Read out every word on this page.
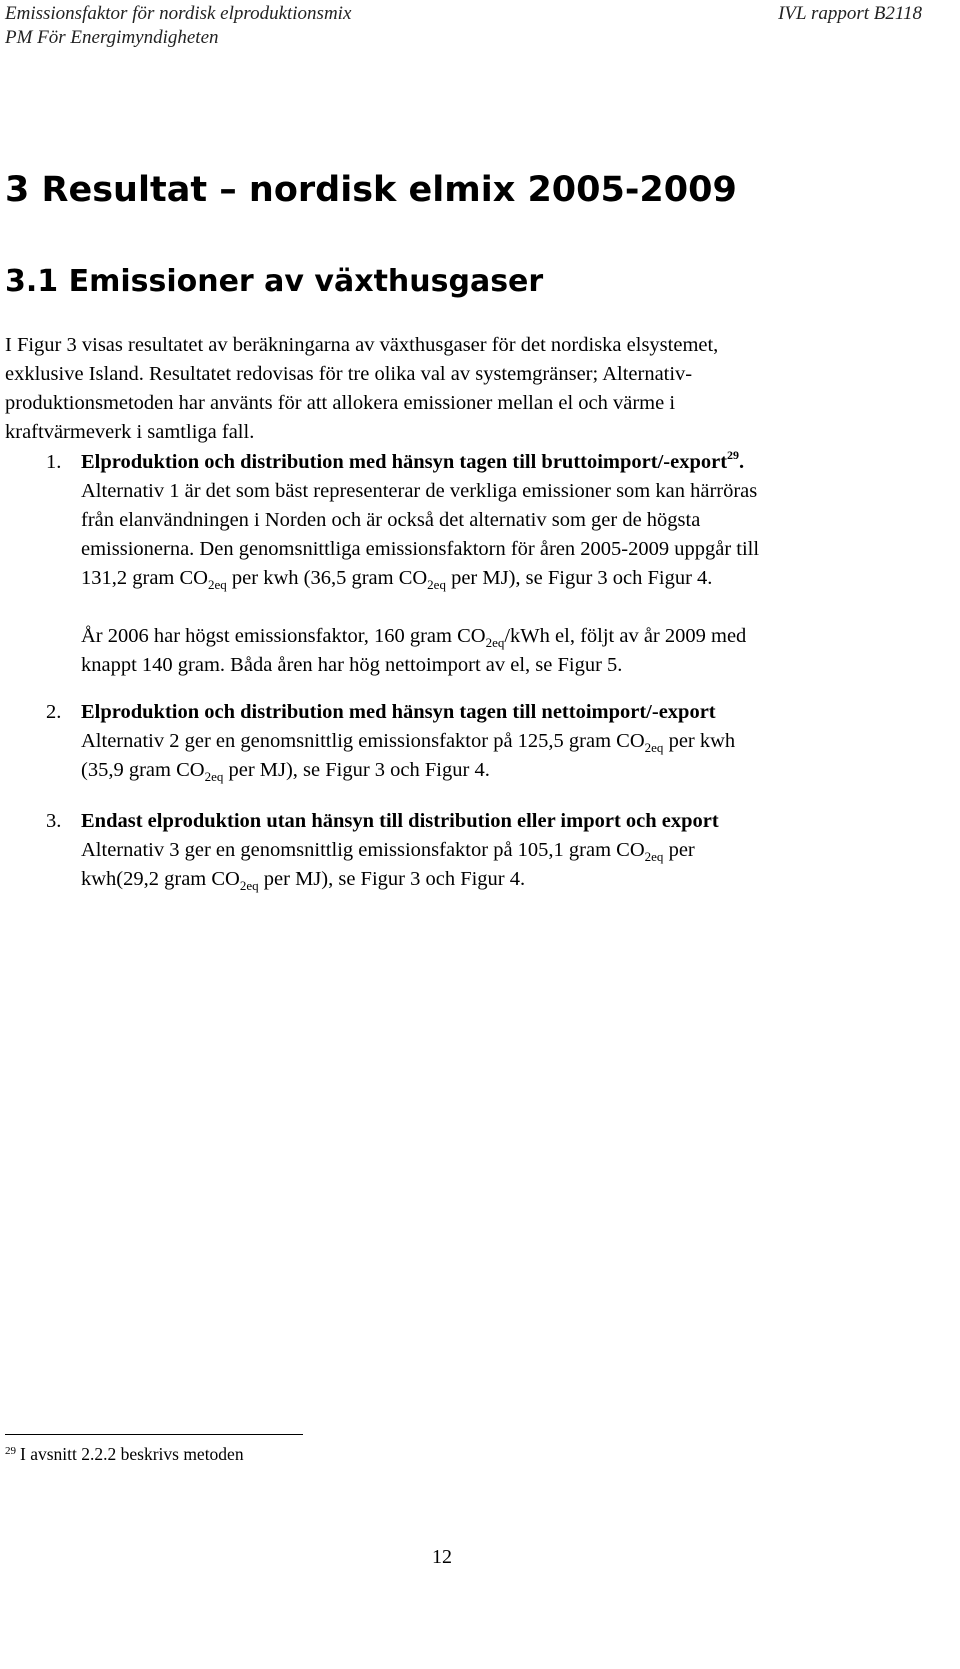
Emissionsfaktor för nordisk elproduktionsmix
PM För Energimyndigheten
IVL rapport B2118
3 Resultat – nordisk elmix 2005-2009
3.1 Emissioner av växthusgaser
I Figur 3 visas resultatet av beräkningarna av växthusgaser för det nordiska elsystemet,
exklusive Island. Resultatet redovisas för tre olika val av systemgränser; Alternativ-
produktionsmetoden har använts för att allokera emissioner mellan el och värme i
kraftvärmeverk i samtliga fall.
1. Elproduktion och distribution med hänsyn tagen till bruttoimport/-export$^{29}$.
Alternativ 1 är det som bäst representerar de verkliga emissioner som kan härröras
från elanvändningen i Norden och är också det alternativ som ger de högsta
emissionerna. Den genomsnittliga emissionsfaktorn för åren 2005-2009 uppgår till
131,2 gram $CO_{2eq}$ per kwh (36,5 gram $CO_{2eq}$ per MJ), se Figur 3 och Figur 4.
År 2006 har högst emissionsfaktor, 160 gram $CO_{2eq}$/kWh el, följt av år 2009 med
knappt 140 gram. Båda åren har hög nettoimport av el, se Figur 5.
2. Elproduktion och distribution med hänsyn tagen till nettoimport/-export
Alternativ 2 ger en genomsnittlig emissionsfaktor på 125,5 gram $CO_{2eq}$ per kwh
(35,9 gram $CO_{2eq}$ per MJ), se Figur 3 och Figur 4.
3. Endast elproduktion utan hänsyn till distribution eller import och export
Alternativ 3 ger en genomsnittlig emissionsfaktor på 105,1 gram $CO_{2eq}$ per
kwh(29,2 gram $CO_{2eq}$ per MJ), se Figur 3 och Figur 4.
$^{29}$ I avsnitt 2.2.2 beskrivs metoden
12
